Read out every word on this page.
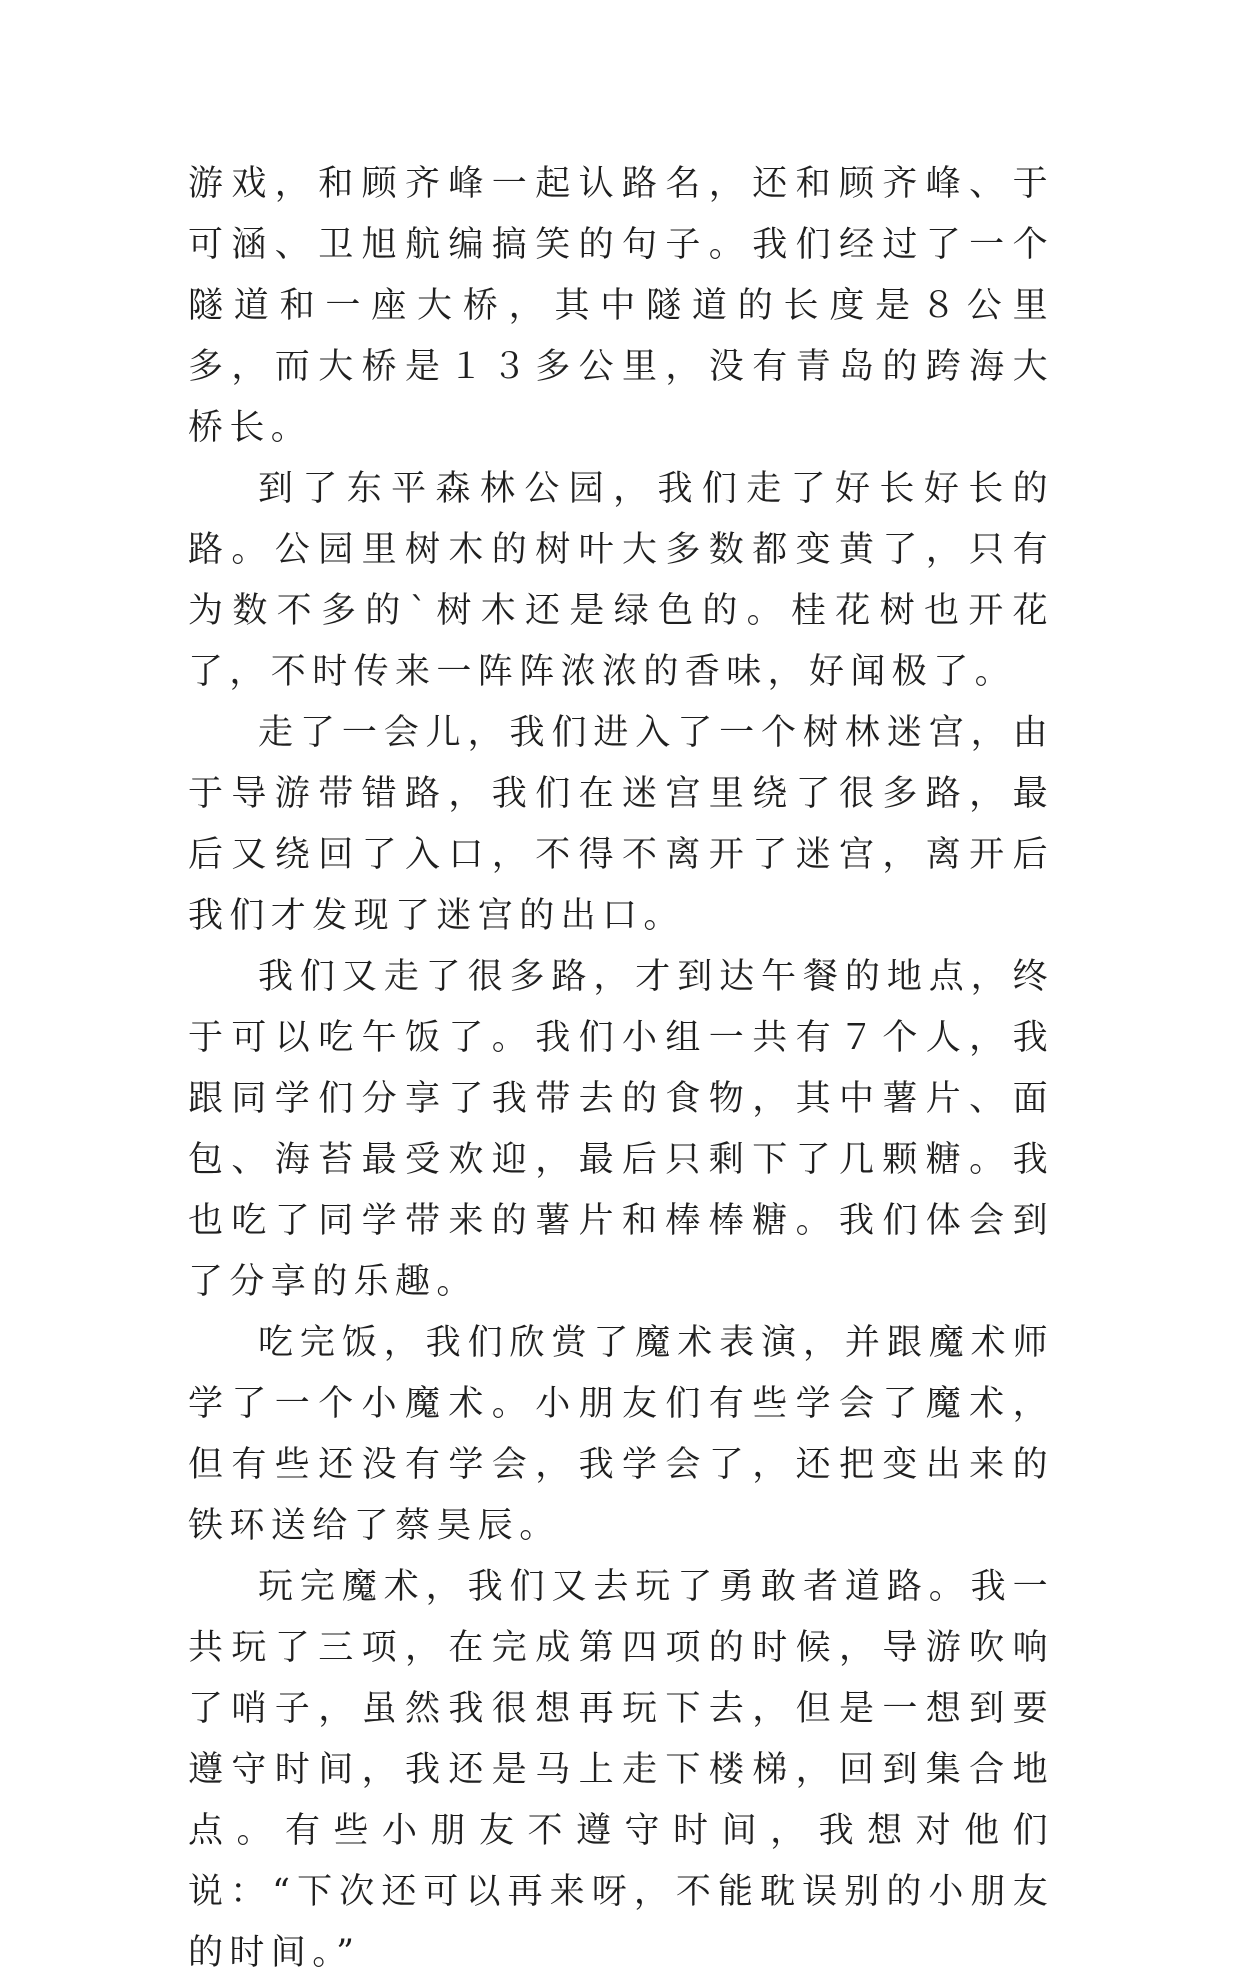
游戏，和顾齐峰一起认路名，还和顾齐峰、于可涵、卫旭航编搞笑的句子。我们经过了一个隧道和一座大桥，其中隧道的长度是８公里多，而大桥是１３多公里，没有青岛的跨海大桥长。

到了东平森林公园，我们走了好长好长的路。公园里树木的树叶大多数都变黄了，只有为数不多的`树木还是绿色的。桂花树也开花了，不时传来一阵阵浓浓的香味，好闻极了。

走了一会儿，我们进入了一个树林迷宫，由于导游带错路，我们在迷宫里绕了很多路，最后又绕回了入口，不得不离开了迷宫，离开后我们才发现了迷宫的出口。

我们又走了很多路，才到达午餐的地点，终于可以吃午饭了。我们小组一共有７个人，我跟同学们分享了我带去的食物，其中薯片、面包、海苔最受欢迎，最后只剩下了几颗糖。我也吃了同学带来的薯片和棒棒糖。我们体会到了分享的乐趣。

吃完饭，我们欣赏了魔术表演，并跟魔术师学了一个小魔术。小朋友们有些学会了魔术，但有些还没有学会，我学会了，还把变出来的铁环送给了蔡昊辰。

玩完魔术，我们又去玩了勇敢者道路。我一共玩了三项，在完成第四项的时候，导游吹响了哨子，虽然我很想再玩下去，但是一想到要遵守时间，我还是马上走下楼梯，回到集合地点。有些小朋友不遵守时间，我想对他们说：“下次还可以再来呀，不能耽误别的小朋友的时间。”
